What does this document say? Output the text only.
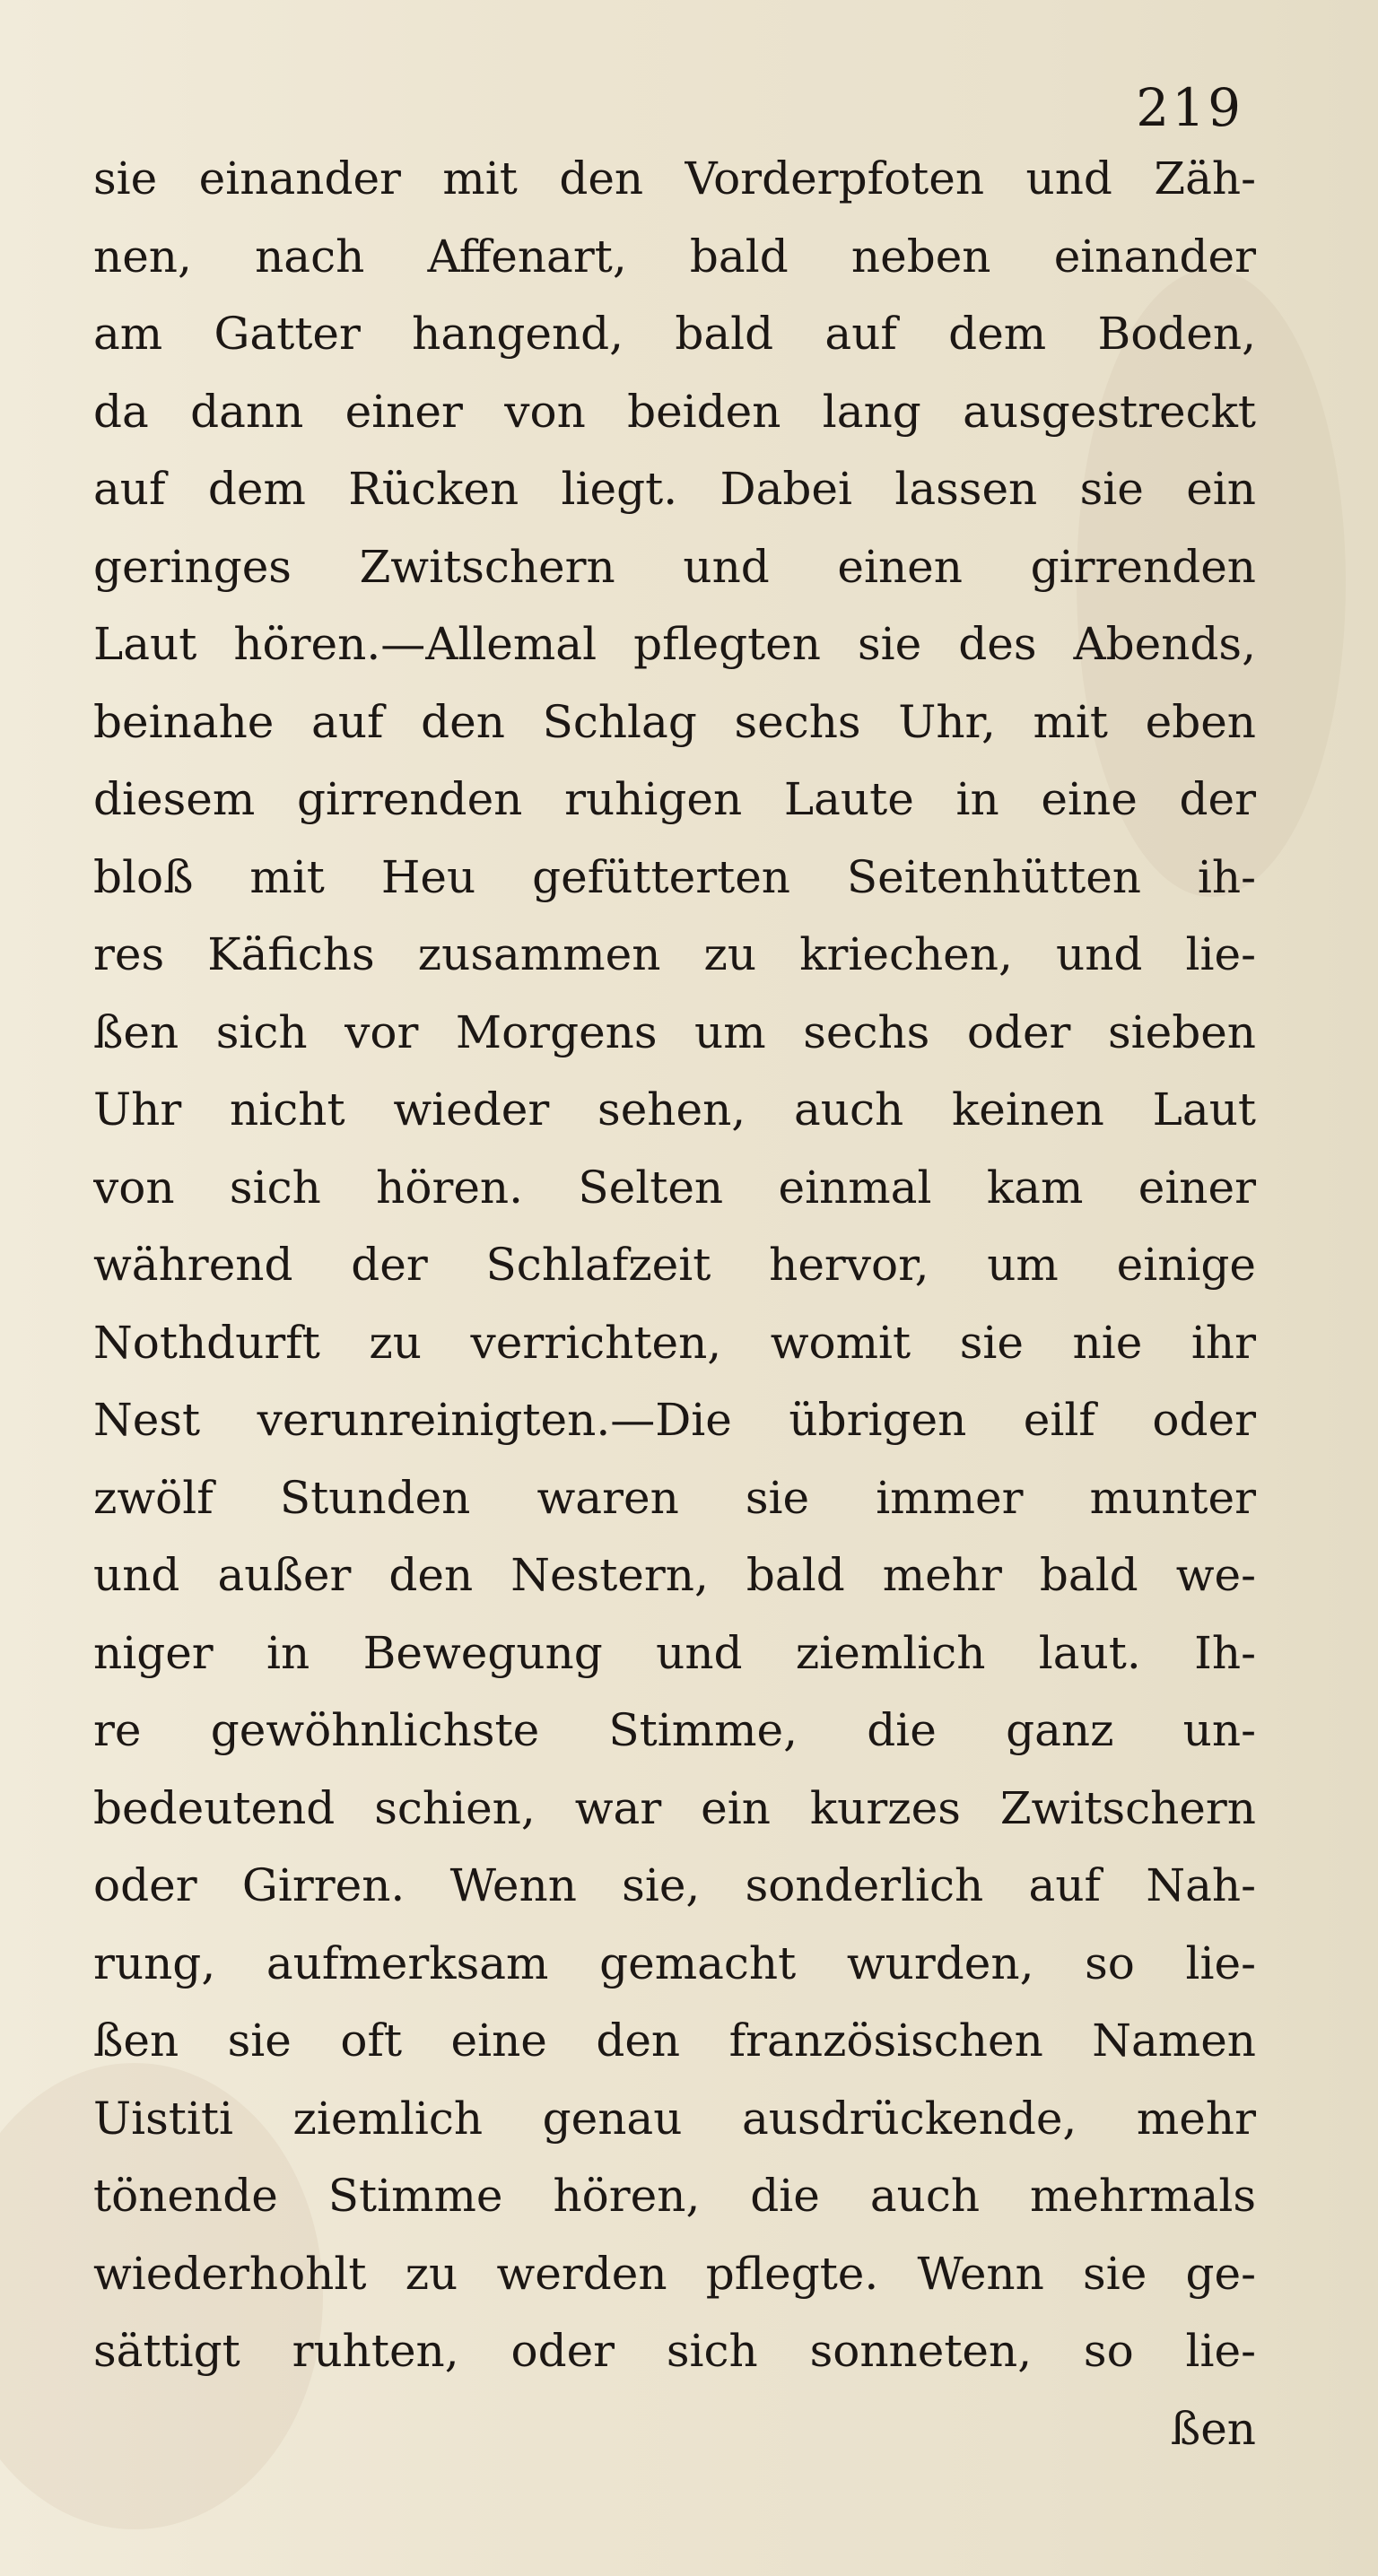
219
sie einander mit den Vorderpfoten und Zäh-
nen, nach Affenart, bald neben einander
am Gatter hangend, bald auf dem Boden,
da dann einer von beiden lang ausgestreckt
auf dem Rücken liegt. Dabei lassen sie ein
geringes Zwitschern und einen girrenden
Laut hören.—Allemal pflegten sie des Abends,
beinahe auf den Schlag sechs Uhr, mit eben
diesem girrenden ruhigen Laute in eine der
bloß mit Heu gefütterten Seitenhütten ih-
res Käfichs zusammen zu kriechen, und lie-
ßen sich vor Morgens um sechs oder sieben
Uhr nicht wieder sehen, auch keinen Laut
von sich hören. Selten einmal kam einer
während der Schlafzeit hervor, um einige
Nothdurft zu verrichten, womit sie nie ihr
Nest verunreinigten.—Die übrigen eilf oder
zwölf Stunden waren sie immer munter
und außer den Nestern, bald mehr bald we-
niger in Bewegung und ziemlich laut. Ih-
re gewöhnlichste Stimme, die ganz un-
bedeutend schien, war ein kurzes Zwitschern
oder Girren. Wenn sie, sonderlich auf Nah-
rung, aufmerksam gemacht wurden, so lie-
ßen sie oft eine den französischen Namen
Uistiti ziemlich genau ausdrückende, mehr
tönende Stimme hören, die auch mehrmals
wiederhohlt zu werden pflegte. Wenn sie ge-
sättigt ruhten, oder sich sonneten, so lie-
ßen
